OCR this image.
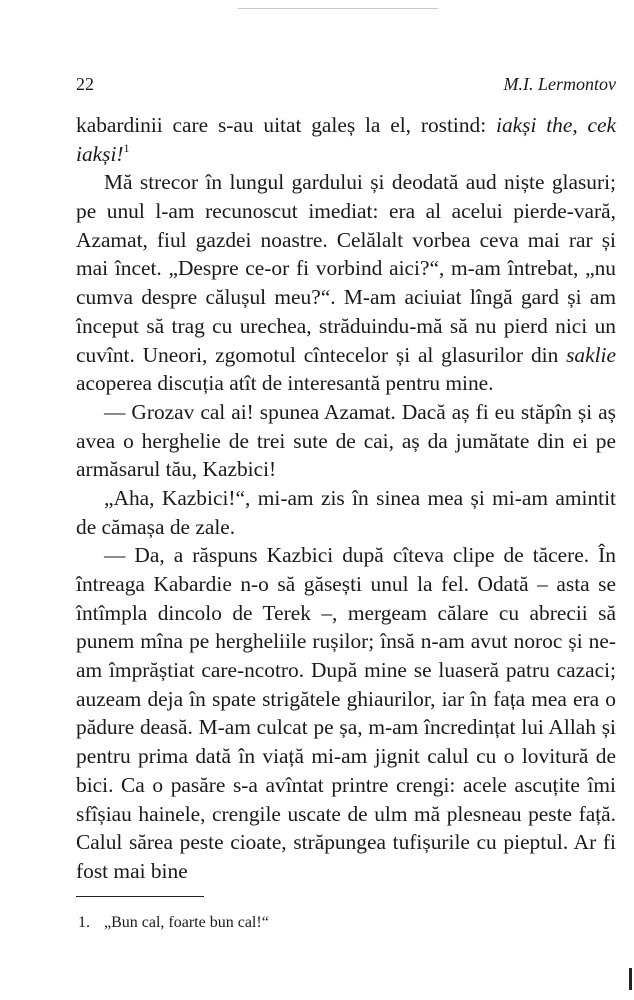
22	M.I. Lermontov

kabardinii care s-au uitat galeș la el, rostind: iakși the, cek iakși!$^1$

Mă strecor în lungul gardului și deodată aud niște glasuri; pe unul l-am recunoscut imediat: era al acelui pierde-vară, Azamat, fiul gazdei noastre. Celălalt vorbea ceva mai rar și mai încet. „Despre ce-or fi vorbind aici?“, m-am întrebat, „nu cumva despre călușul meu?“. M-am aciuiat lîngă gard și am început să trag cu urechea, străduindu-mă să nu pierd nici un cuvînt. Uneori, zgomotul cîntecelor și al glasurilor din saklie acoperea discuția atît de interesantă pentru mine.

— Grozav cal ai! spunea Azamat. Dacă aș fi eu stăpîn și aș avea o herghelie de trei sute de cai, aș da jumătate din ei pe armăsarul tău, Kazbici!

„Aha, Kazbici!“, mi-am zis în sinea mea și mi-am amintit de cămașa de zale.

— Da, a răspuns Kazbici după cîteva clipe de tăcere. În întreaga Kabardie n-o să găsești unul la fel. Odată – asta se întîmpla dincolo de Terek –, mergeam călare cu abrecii să punem mîna pe hergheliile rușilor; însă n-am avut noroc și ne-am împrăștiat care-ncotro. După mine se luaseră patru cazaci; auzeam deja în spate strigătele ghiaurilor, iar în fața mea era o pădure deasă. M-am culcat pe șa, m-am încredințat lui Allah și pentru prima dată în viață mi-am jignit calul cu o lovitură de bici. Ca o pasăre s-a avîntat printre crengi: acele ascuțite îmi sfîșiau hainele, crengile uscate de ulm mă plesneau peste față. Calul sărea peste cioate, străpungea tufișurile cu pieptul. Ar fi fost mai bine

1. „Bun cal, foarte bun cal!“
